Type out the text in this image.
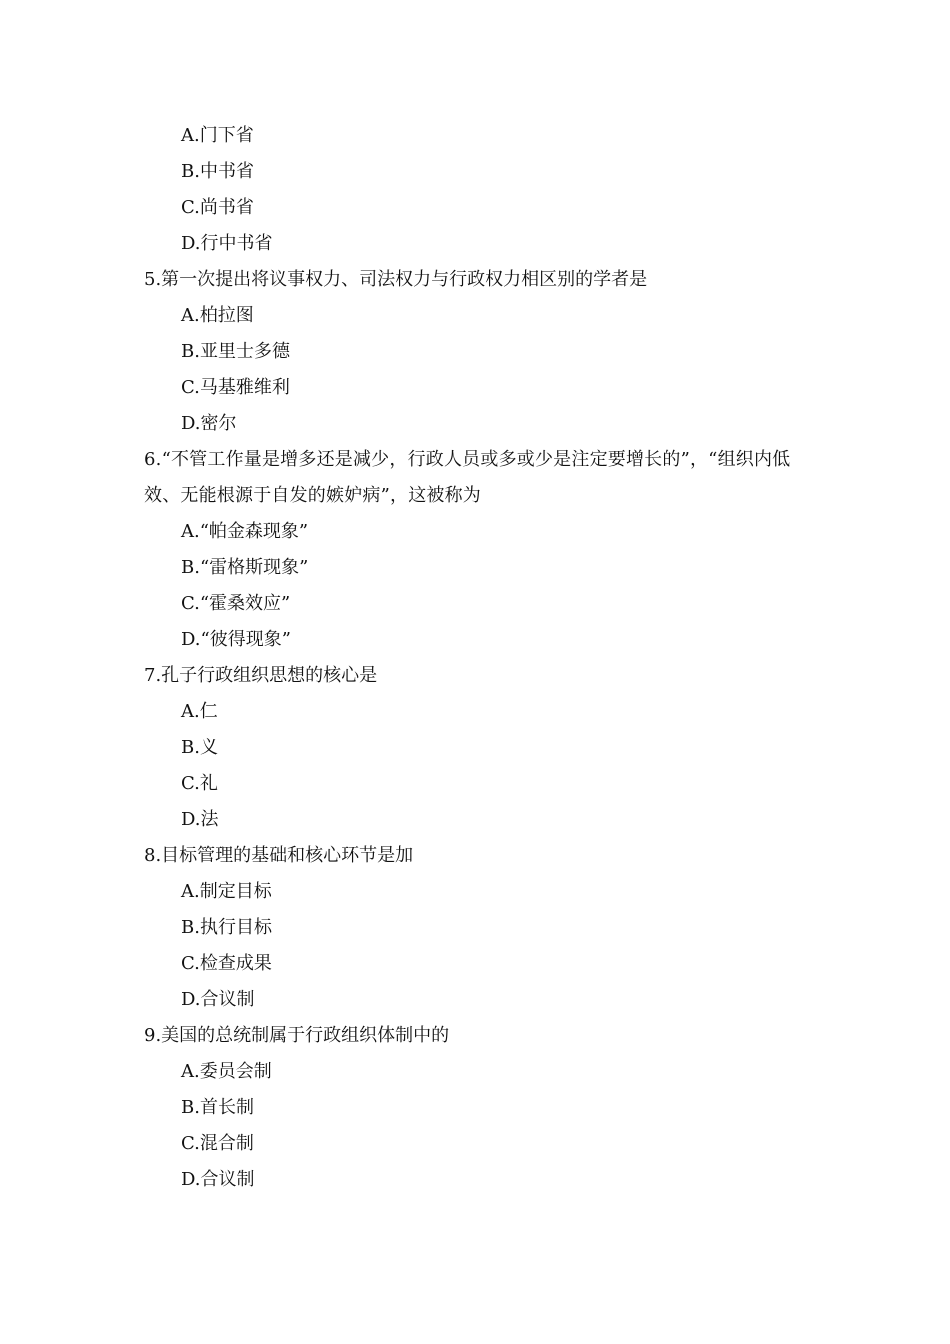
A.门下省
B.中书省
C.尚书省
D.行中书省
5.第一次提出将议事权力、司法权力与行政权力相区别的学者是
A.柏拉图
B.亚里士多德
C.马基雅维利
D.密尔
6.“不管工作量是增多还是减少，行政人员或多或少是注定要增长的”，“组织内低效、无能根源于自发的嫉妒病”，这被称为
A.“帕金森现象”
B.“雷格斯现象”
C.“霍桑效应”
D.“彼得现象”
7.孔子行政组织思想的核心是
A.仁
B.义
C.礼
D.法
8.目标管理的基础和核心环节是加
A.制定目标
B.执行目标
C.检查成果
D.合议制
9.美国的总统制属于行政组织体制中的
A.委员会制
B.首长制
C.混合制
D.合议制
